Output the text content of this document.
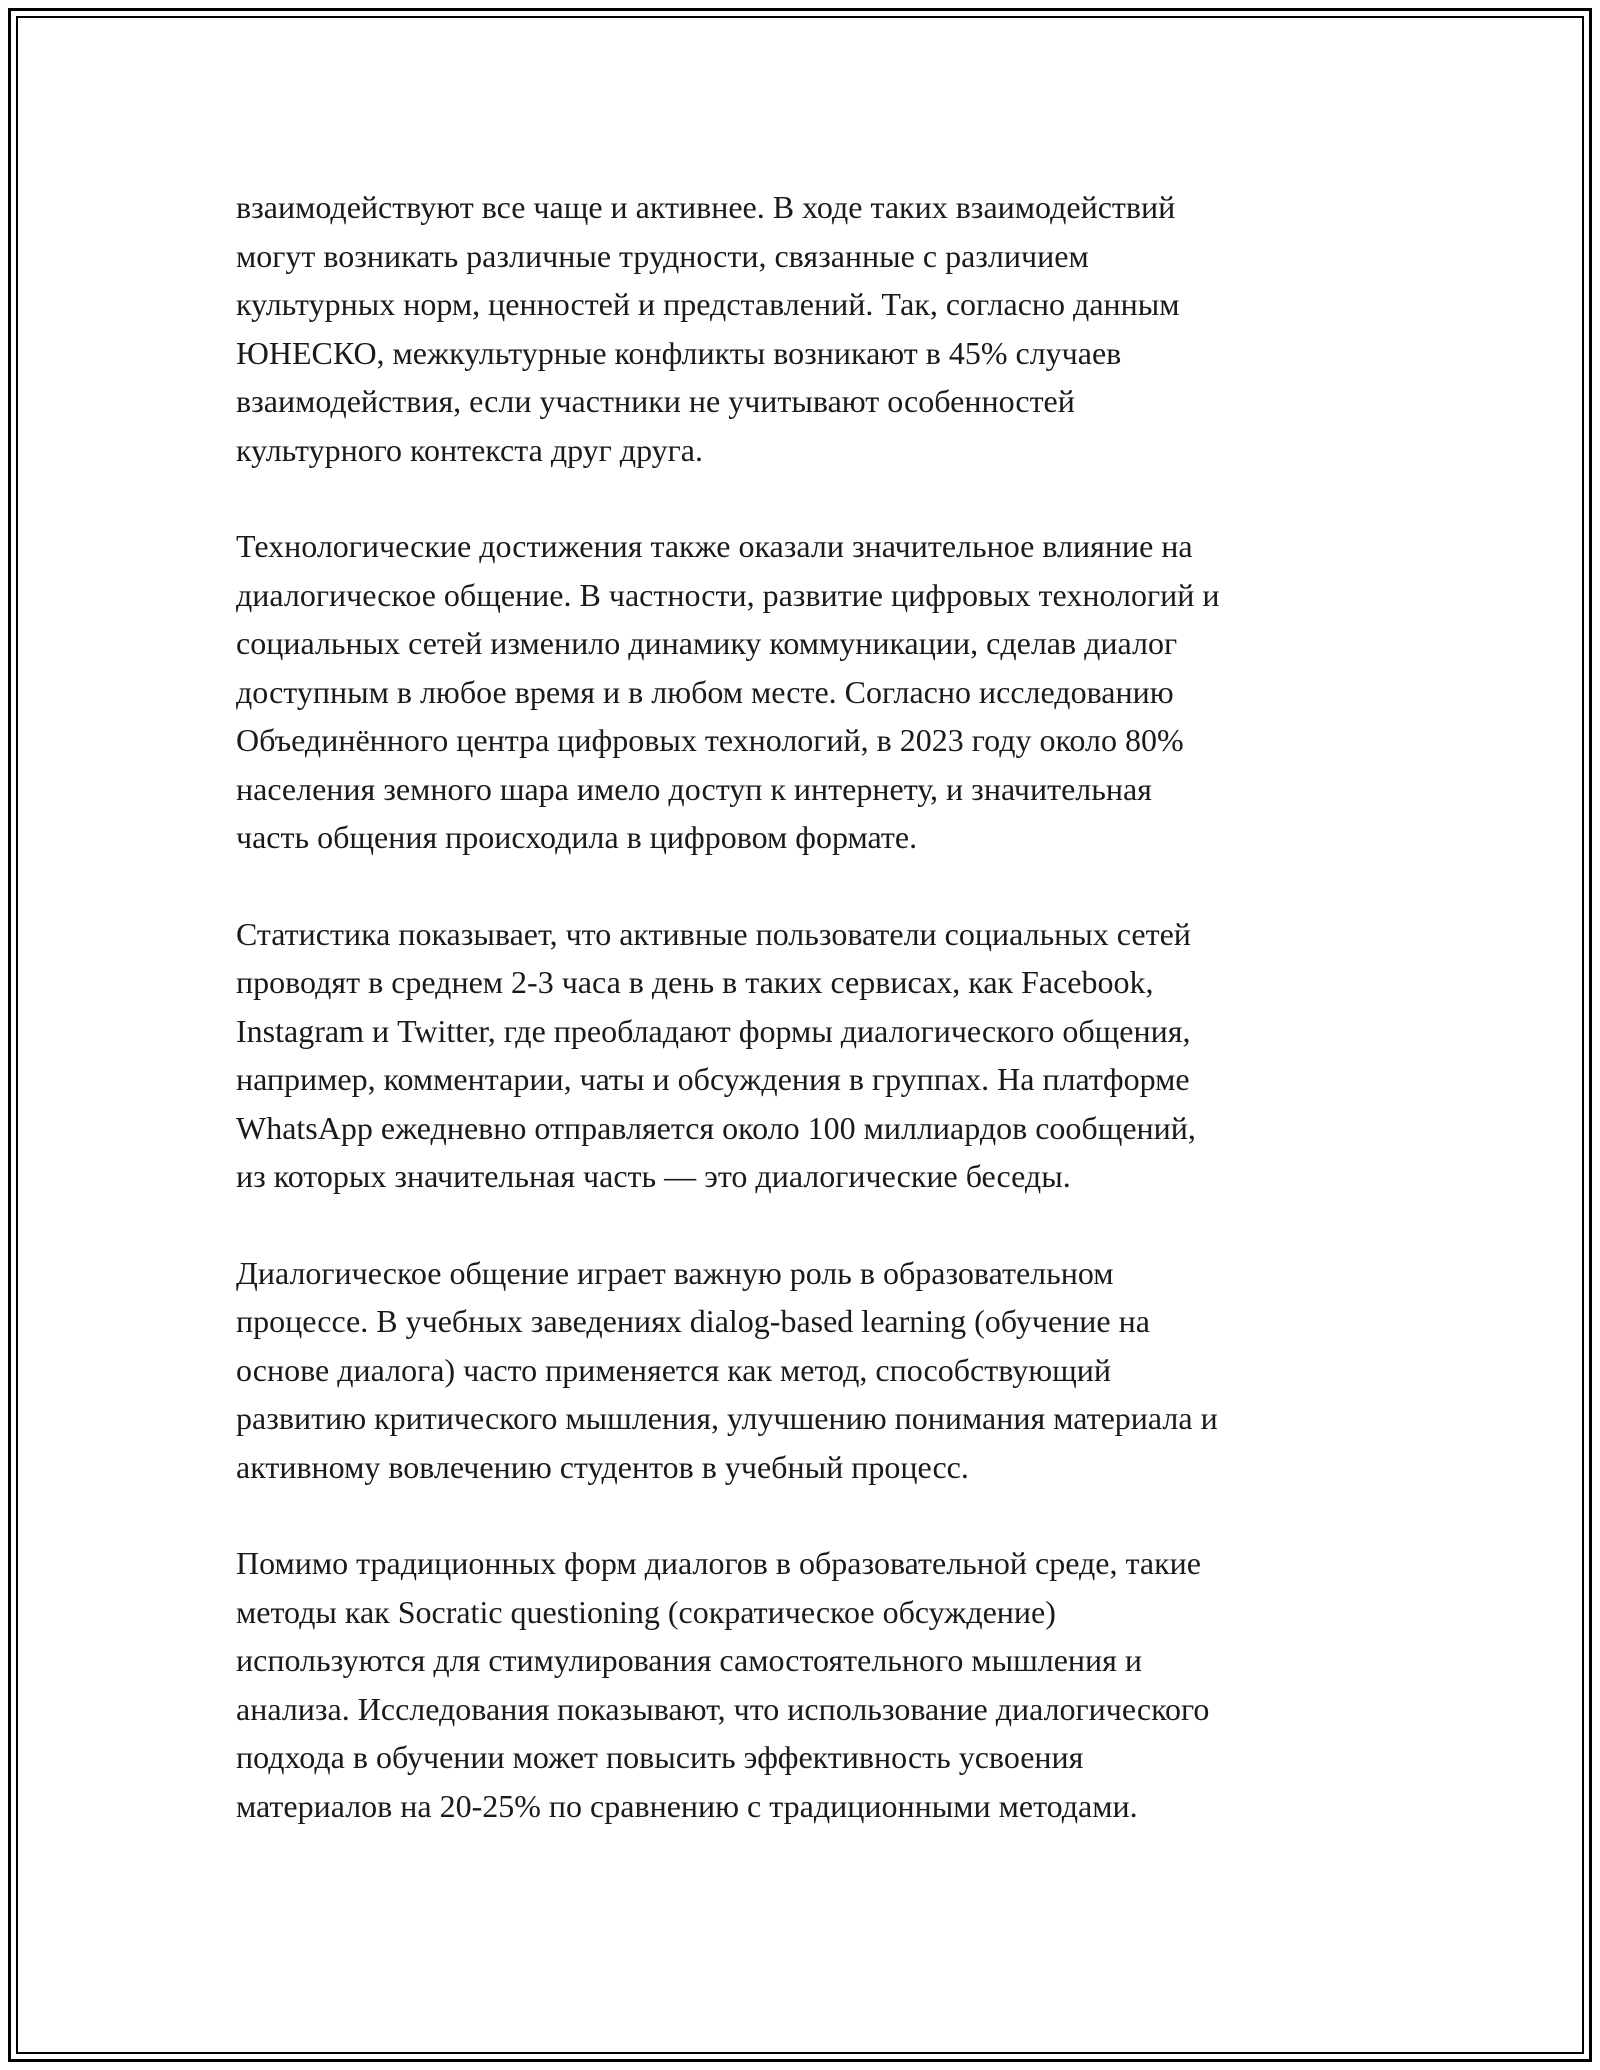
взаимодействуют все чаще и активнее. В ходе таких взаимодействий
могут возникать различные трудности, связанные с различием
культурных норм, ценностей и представлений. Так, согласно данным
ЮНЕСКО, межкультурные конфликты возникают в 45% случаев
взаимодействия, если участники не учитывают особенностей
культурного контекста друг друга.

Технологические достижения также оказали значительное влияние на
диалогическое общение. В частности, развитие цифровых технологий и
социальных сетей изменило динамику коммуникации, сделав диалог
доступным в любое время и в любом месте. Согласно исследованию
Объединённого центра цифровых технологий, в 2023 году около 80%
населения земного шара имело доступ к интернету, и значительная
часть общения происходила в цифровом формате.

Статистика показывает, что активные пользователи социальных сетей
проводят в среднем 2-3 часа в день в таких сервисах, как Facebook,
Instagram и Twitter, где преобладают формы диалогического общения,
например, комментарии, чаты и обсуждения в группах. На платформе
WhatsApp ежедневно отправляется около 100 миллиардов сообщений,
из которых значительная часть — это диалогические беседы.

Диалогическое общение играет важную роль в образовательном
процессе. В учебных заведениях dialog-based learning (обучение на
основе диалога) часто применяется как метод, способствующий
развитию критического мышления, улучшению понимания материала и
активному вовлечению студентов в учебный процесс.

Помимо традиционных форм диалогов в образовательной среде, такие
методы как Socratic questioning (сократическое обсуждение)
используются для стимулирования самостоятельного мышления и
анализа. Исследования показывают, что использование диалогического
подхода в обучении может повысить эффективность усвоения
материалов на 20-25% по сравнению с традиционными методами.
